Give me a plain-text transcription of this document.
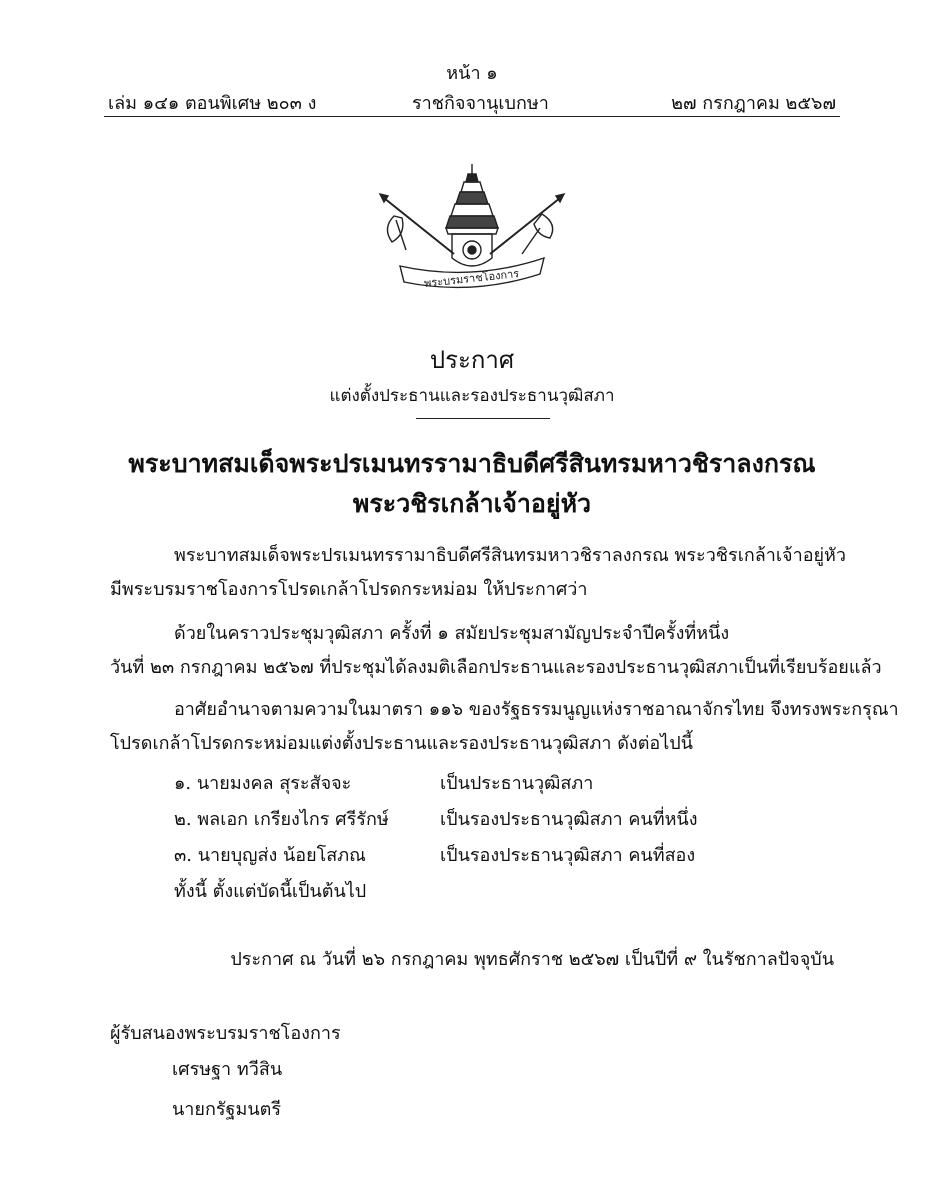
หน้า ๑
เล่ม ๑๔๑ ตอนพิเศษ ๒๐๓ ง	ราชกิจจานุเบกษา	๒๗ กรกฎาคม ๒๕๖๗
พระบรมราชโองการ
ประกาศ
แต่งตั้งประธานและรองประธานวุฒิสภา
พระบาทสมเด็จพระปรเมนทรรามาธิบดีศรีสินทรมหาวชิราลงกรณ
พระวชิรเกล้าเจ้าอยู่หัว
พระบาทสมเด็จพระปรเมนทรรามาธิบดีศรีสินทรมหาวชิราลงกรณ พระวชิรเกล้าเจ้าอยู่หัว
มีพระบรมราชโองการโปรดเกล้าโปรดกระหม่อม ให้ประกาศว่า
ด้วยในคราวประชุมวุฒิสภา ครั้งที่ ๑ สมัยประชุมสามัญประจำปีครั้งที่หนึ่ง
วันที่ ๒๓ กรกฎาคม ๒๕๖๗ ที่ประชุมได้ลงมติเลือกประธานและรองประธานวุฒิสภาเป็นที่เรียบร้อยแล้ว
อาศัยอำนาจตามความในมาตรา ๑๑๖ ของรัฐธรรมนูญแห่งราชอาณาจักรไทย จึงทรงพระกรุณา
โปรดเกล้าโปรดกระหม่อมแต่งตั้งประธานและรองประธานวุฒิสภา ดังต่อไปนี้
๑. นายมงคล สุระสัจจะ	เป็นประธานวุฒิสภา
๒. พลเอก เกรียงไกร ศรีรักษ์	เป็นรองประธานวุฒิสภา คนที่หนึ่ง
๓. นายบุญส่ง น้อยโสภณ	เป็นรองประธานวุฒิสภา คนที่สอง
ทั้งนี้ ตั้งแต่บัดนี้เป็นต้นไป
ประกาศ ณ วันที่ ๒๖ กรกฎาคม พุทธศักราช ๒๕๖๗ เป็นปีที่ ๙ ในรัชกาลปัจจุบัน
ผู้รับสนองพระบรมราชโองการ
เศรษฐา ทวีสิน
นายกรัฐมนตรี
